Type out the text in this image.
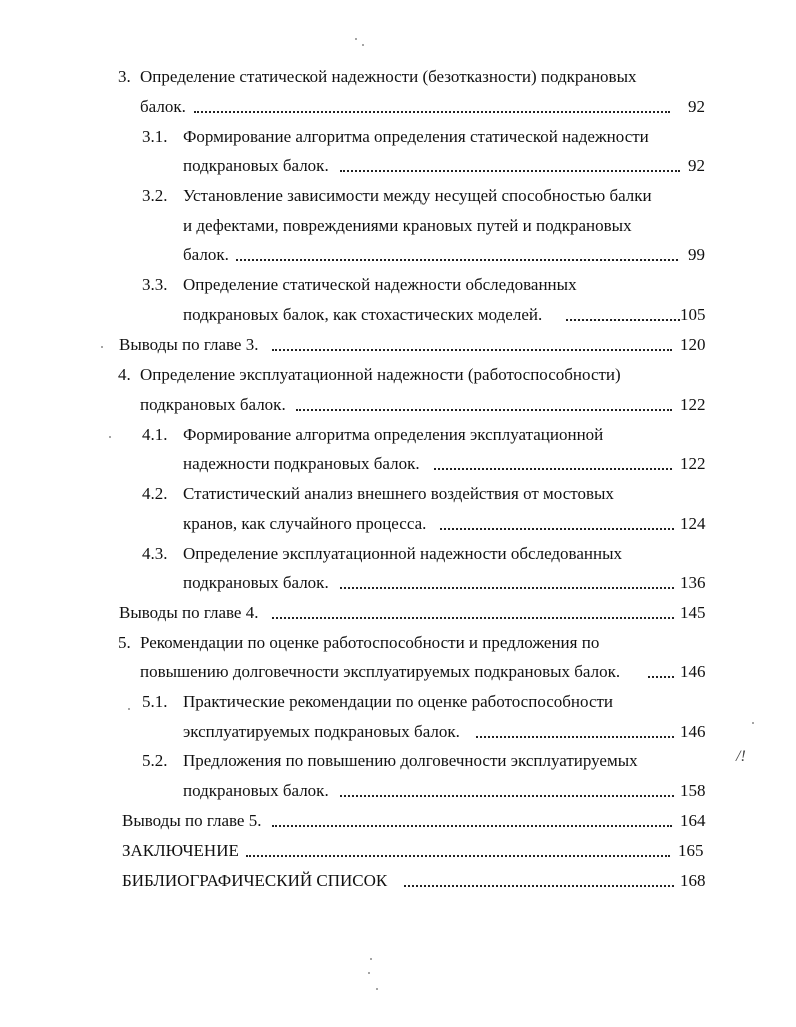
3. Определение статической надежности (безотказности) подкрановых
балок.	92
3.1. Формирование алгоритма определения статической надежности
подкрановых балок.	92
3.2. Установление зависимости между несущей способностью балки
и дефектами, повреждениями крановых путей и подкрановых
балок.	99
3.3. Определение статической надежности обследованных
подкрановых балок, как стохастических моделей.	105
Выводы по главе 3.	120
4. Определение эксплуатационной надежности (работоспособности)
подкрановых балок.	122
4.1. Формирование алгоритма определения эксплуатационной
надежности подкрановых балок.	122
4.2. Статистический анализ внешнего воздействия от мостовых
кранов, как случайного процесса.	124
4.3. Определение эксплуатационной надежности обследованных
подкрановых балок.	136
Выводы по главе 4.	145
5. Рекомендации по оценке работоспособности и предложения по
повышению долговечности эксплуатируемых подкрановых балок.	146
5.1. Практические рекомендации по оценке работоспособности
эксплуатируемых подкрановых балок.	146
5.2. Предложения по повышению долговечности эксплуатируемых
подкрановых балок.	158
Выводы по главе 5.	164
ЗАКЛЮЧЕНИЕ	165
БИБЛИОГРАФИЧЕСКИЙ СПИСОК	168
/!
